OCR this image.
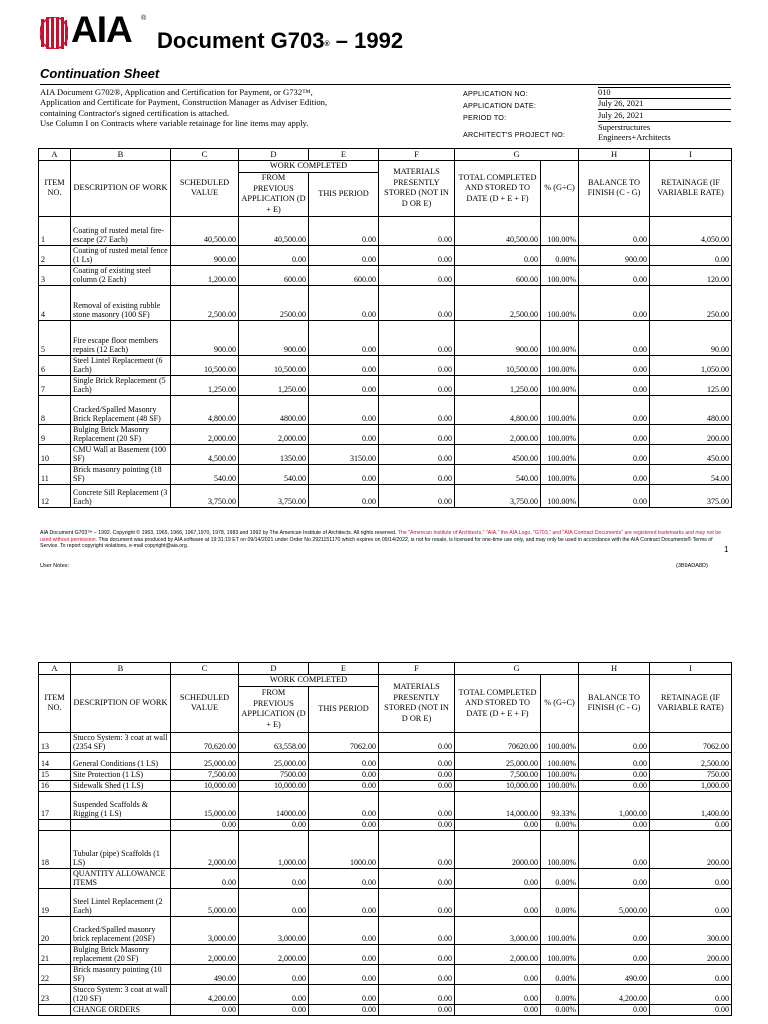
AIA ®
Document G703® – 1992
Continuation Sheet
AIA Document G702®, Application and Certification for Payment, or G732™,
Application and Certificate for Payment, Construction Manager as Adviser Edition,
containing Contractor's signed certification is attached.
Use Column I on Contracts where variable retainage for line items may apply.
APPLICATION NO:	010
APPLICATION DATE:	July 26, 2021
PERIOD TO:	July 26, 2021
ARCHITECT'S PROJECT NO:
Superstructures
Engineers+Architects
A	B	C	D	E	F	G		H	I
ITEM NO.	DESCRIPTION OF WORK	SCHEDULED VALUE	WORK COMPLETED		MATERIALS PRESENTLY STORED (NOT IN D OR E)	TOTAL COMPLETED AND STORED TO DATE (D + E + F)	% (G÷C)	BALANCE TO FINISH (C - G)	RETAINAGE (IF VARIABLE RATE)
			FROM PREVIOUS APPLICATION (D + E)	THIS PERIOD					
1	Coating of rusted metal fire-escape (27 Each)	40,500.00	40,500.00	0.00	0.00	40,500.00	100.00%	0.00	4,050.00
2	Coating of rusted metal fence (1 Ls)	900.00	0.00	0.00	0.00	0.00	0.00%	900.00	0.00
3	Coating of existing steel column (2 Each)	1,200.00	600.00	600.00	0.00	600.00	100.00%	0.00	120.00
4	Removal of existing rubble stone masonry (100 SF)	2,500.00	2500.00	0.00	0.00	2,500.00	100.00%	0.00	250.00
5	Fire escape floor members repairs (12 Each)	900.00	900.00	0.00	0.00	900.00	100.00%	0.00	90.00
6	Steel Lintel Replacement (6 Each)	10,500.00	10,500.00	0.00	0.00	10,500.00	100.00%	0.00	1,050.00
7	Single Brick Replacement (5 Each)	1,250.00	1,250.00	0.00	0.00	1,250.00	100.00%	0.00	125.00
8	Cracked/Spalled Masonry Brick Replacement (48 SF)	4,800.00	4800.00	0.00	0.00	4,800.00	100.00%	0.00	480.00
9	Bulging Brick Masonry Replacement (20 SF)	2,000.00	2,000.00	0.00	0.00	2,000.00	100.00%	0.00	200.00
10	CMU Wall at Basement (100 SF)	4,500.00	1350.00	3150.00	0.00	4500.00	100.00%	0.00	450.00
11	Brick masonry pointing (18 SF)	540.00	540.00	0.00	0.00	540.00	100.00%	0.00	54.00
12	Concrete Sill Replacement (3 Each)	3,750.00	3,750.00	0.00	0.00	3,750.00	100.00%	0.00	375.00
AIA Document G703™ – 1992. Copyright © 1963, 1965, 1966, 1967,1970, 1978, 1983 and 1992 by The American Institute of Architects. All rights reserved. The "American Institute of Architects," "AIA," the AIA Logo, "G703," and "AIA Contract Documents" are registered trademarks and may not be used without permission. This document was produced by AIA software at 19:31:19 ET on 09/14/2021 under Order No.2921151170 which expires on 09/14/2022, is not for resale, is licensed for one-time use only, and may only be used in accordance with the AIA Contract Documents® Terms of Service. To report copyright violations, e-mail copyright@aia.org.	1
User Notes:	(3B9ADA8D)
A	B	C	D	E	F	G		H	I
ITEM NO.	DESCRIPTION OF WORK	SCHEDULED VALUE	WORK COMPLETED		MATERIALS PRESENTLY STORED (NOT IN D OR E)	TOTAL COMPLETED AND STORED TO DATE (D + E + F)	% (G÷C)	BALANCE TO FINISH (C - G)	RETAINAGE (IF VARIABLE RATE)
			FROM PREVIOUS APPLICATION (D + E)	THIS PERIOD					
13	Stucco System: 3 coat at wall (2354 SF)	70,620.00	63,558.00	7062.00	0.00	70620.00	100.00%	0.00	7062.00
14	General Conditions (1 LS)	25,000.00	25,000.00	0.00	0.00	25,000.00	100.00%	0.00	2,500.00
15	Site Protection (1 LS)	7,500.00	7500.00	0.00	0.00	7,500.00	100.00%	0.00	750.00
16	Sidewalk Shed (1 LS)	10,000.00	10,000.00	0.00	0.00	10,000.00	100.00%	0.00	1,000.00
17	Suspended Scaffolds & Rigging (1 LS)	15,000.00	14000.00	0.00	0.00	14,000.00	93.33%	1,000.00	1,400.00
		0.00	0.00	0.00	0.00	0.00	0.00%	0.00	0.00
18	Tubular (pipe) Scaffolds (1 LS)	2,000.00	1,000.00	1000.00	0.00	2000.00	100.00%	0.00	200.00
	QUANTITY ALLOWANCE ITEMS	0.00	0.00	0.00	0.00	0.00	0.00%	0.00	0.00
19	Steel Lintel Replacement (2 Each)	5,000.00	0.00	0.00	0.00	0.00	0.00%	5,000.00	0.00
20	Cracked/Spalled masonry brick replacement (20SF)	3,000.00	3,000.00	0.00	0.00	3,000.00	100.00%	0.00	300.00
21	Bulging Brick Masonry replacement (20 SF)	2,000.00	2,000.00	0.00	0.00	2,000.00	100.00%	0.00	200.00
22	Brick masonry pointing (10 SF)	490.00	0.00	0.00	0.00	0.00	0.00%	490.00	0.00
23	Stucco System: 3 coat at wall (120 SF)	4,200.00	0.00	0.00	0.00	0.00	0.00%	4,200.00	0.00
	CHANGE ORDERS	0.00	0.00	0.00	0.00	0.00	0.00%	0.00	0.00
